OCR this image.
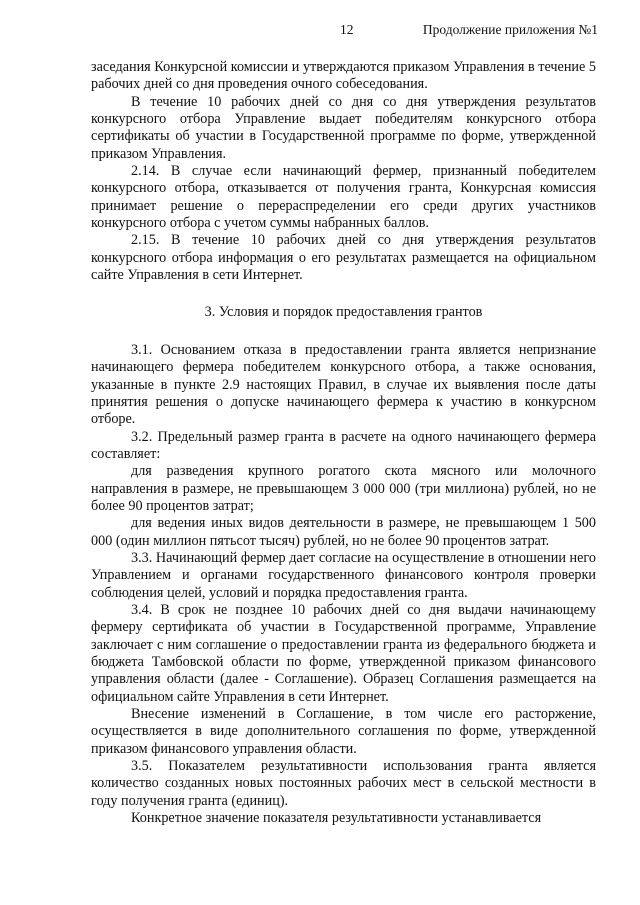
12	Продолжение приложения №1

заседания Конкурсной комиссии и утверждаются приказом Управления в течение 5 рабочих дней со дня проведения очного собеседования.

В течение 10 рабочих дней со дня со дня утверждения результатов конкурсного отбора Управление выдает победителям конкурсного отбора сертификаты об участии в Государственной программе по форме, утвержденной приказом Управления.

2.14. В случае если начинающий фермер, признанный победителем конкурсного отбора, отказывается от получения гранта, Конкурсная комиссия принимает решение о перераспределении его среди других участников конкурсного отбора с учетом суммы набранных баллов.

2.15. В течение 10 рабочих дней со дня утверждения результатов конкурсного отбора информация о его результатах размещается на официальном сайте Управления в сети Интернет.

3. Условия и порядок предоставления грантов

3.1. Основанием отказа в предоставлении гранта является непризнание начинающего фермера победителем конкурсного отбора, а также основания, указанные в пункте 2.9 настоящих Правил, в случае их выявления после даты принятия решения о допуске начинающего фермера к участию в конкурсном отборе.

3.2. Предельный размер гранта в расчете на одного начинающего фермера составляет:

для разведения крупного рогатого скота мясного или молочного направления в размере, не превышающем 3 000 000 (три миллиона) рублей, но не более 90 процентов затрат;

для ведения иных видов деятельности в размере, не превышающем 1 500 000 (один миллион пятьсот тысяч) рублей, но не более 90 процентов затрат.

3.3. Начинающий фермер дает согласие на осуществление в отношении него Управлением и органами государственного финансового контроля проверки соблюдения целей, условий и порядка предоставления гранта.

3.4. В срок не позднее 10 рабочих дней со дня выдачи начинающему фермеру сертификата об участии в Государственной программе, Управление заключает с ним соглашение о предоставлении гранта из федерального бюджета и бюджета Тамбовской области по форме, утвержденной приказом финансового управления области (далее - Соглашение). Образец Соглашения размещается на официальном сайте Управления в сети Интернет.

Внесение изменений в Соглашение, в том числе его расторжение, осуществляется в виде дополнительного соглашения по форме, утвержденной приказом финансового управления области.

3.5. Показателем результативности использования гранта является количество созданных новых постоянных рабочих мест в сельской местности в году получения гранта (единиц).

Конкретное значение показателя результативности устанавливается
